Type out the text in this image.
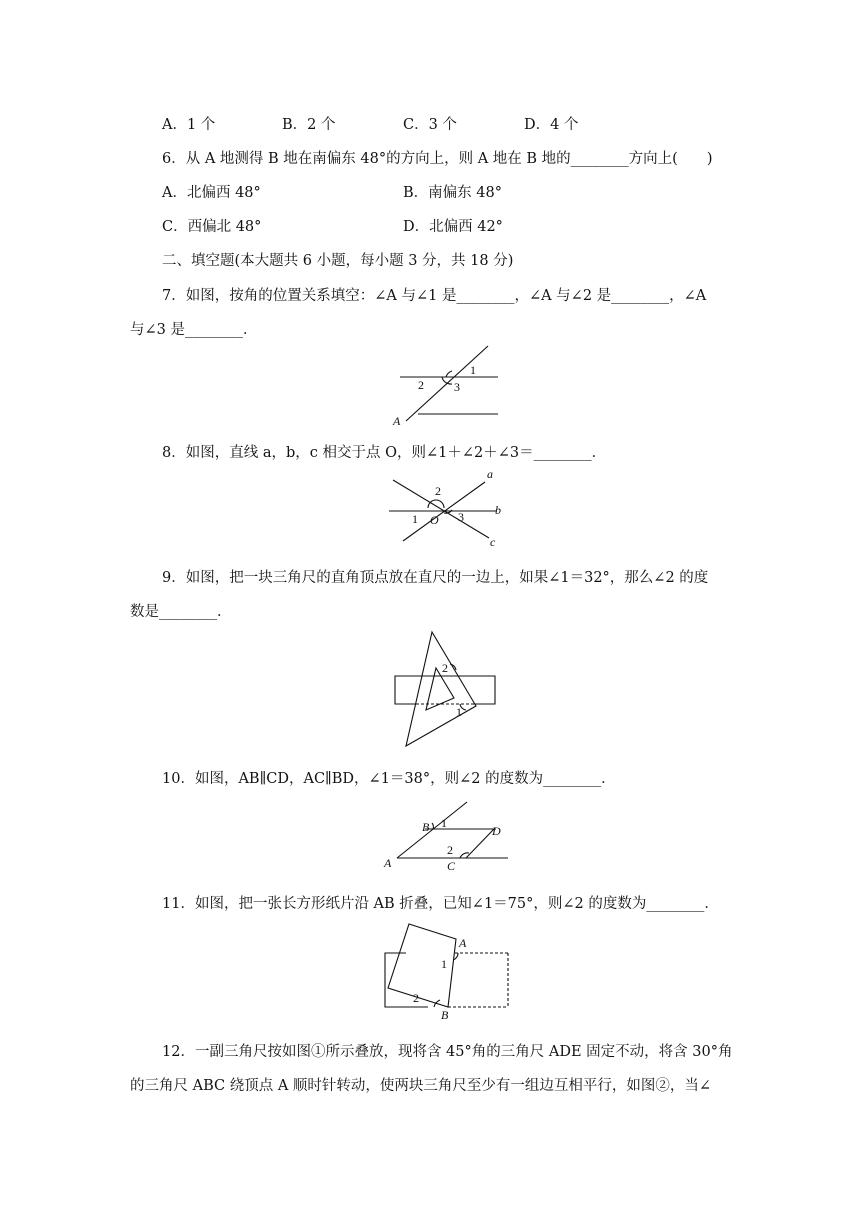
A．1 个	B．2 个	C．3 个	D．4 个
6．从 A 地测得 B 地在南偏东 48°的方向上，则 A 地在 B 地的________方向上(　　)
A．北偏西 48°	B．南偏东 48°
C．西偏北 48°	D．北偏西 42°
二、填空题(本大题共 6 小题，每小题 3 分，共 18 分)
7．如图，按角的位置关系填空：∠A 与∠1 是________，∠A 与∠2 是________，∠A
与∠3 是________．
1
2	3
A
8．如图，直线 a，b，c 相交于点 O，则∠1＋∠2＋∠3＝________．
a
b
c
1
2
3
O
9．如图，把一块三角尺的直角顶点放在直尺的一边上，如果∠1＝32°，那么∠2 的度
数是________．
2
1
10．如图，AB∥CD，AC∥BD，∠1＝38°，则∠2 的度数为________．
B 1
D
2
A	C
11．如图，把一张长方形纸片沿 AB 折叠，已知∠1＝75°，则∠2 的度数为________．
A
1
2
B
12．一副三角尺按如图①所示叠放，现将含 45°角的三角尺 ADE 固定不动，将含 30°角
的三角尺 ABC 绕顶点 A 顺时针转动，使两块三角尺至少有一组边互相平行，如图②，当∠
